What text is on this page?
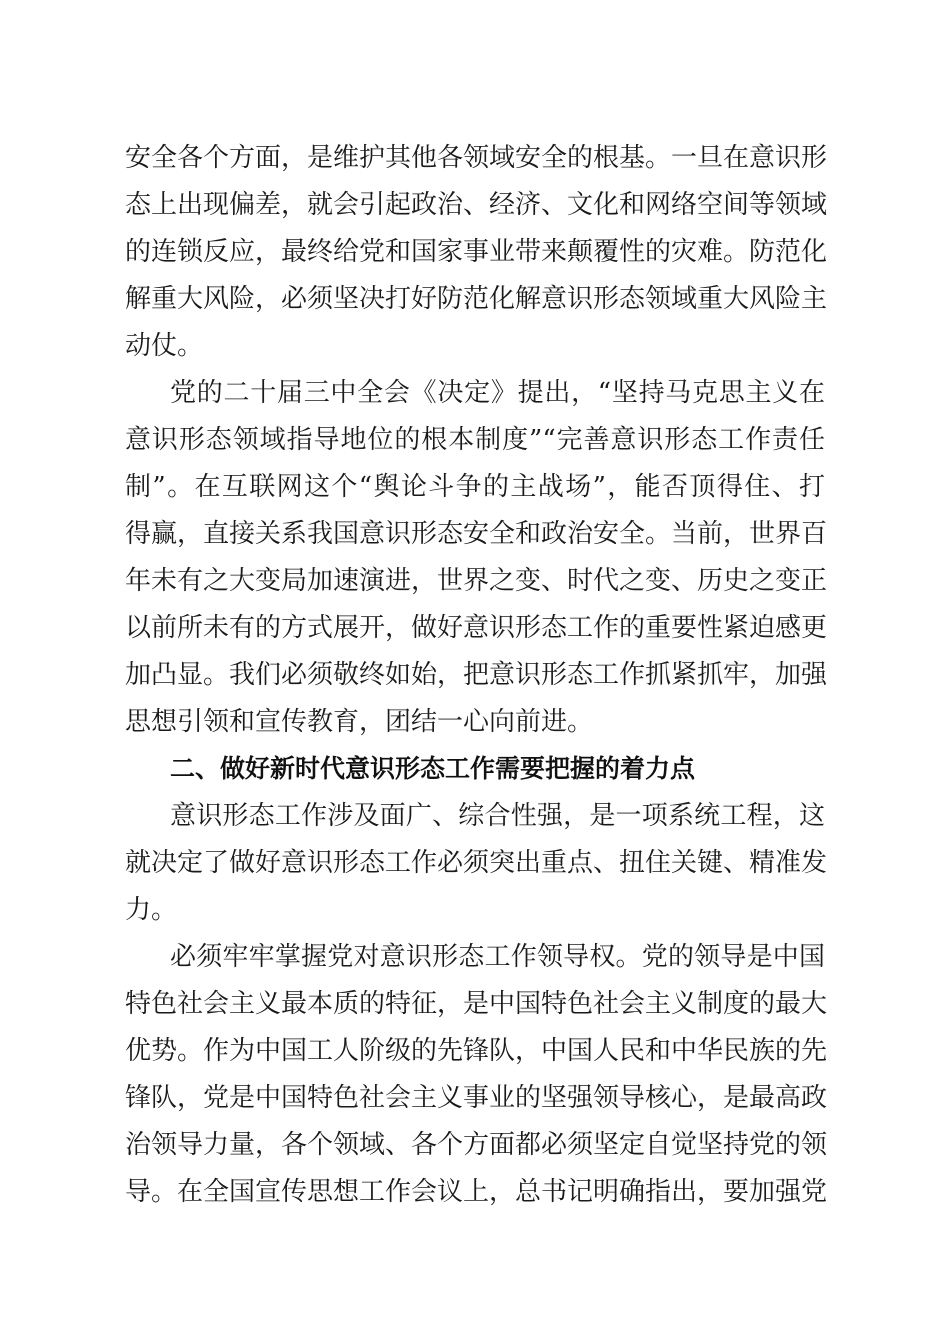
安全各个方面，是维护其他各领域安全的根基。一旦在意识形
态上出现偏差，就会引起政治、经济、文化和网络空间等领域
的连锁反应，最终给党和国家事业带来颠覆性的灾难。防范化
解重大风险，必须坚决打好防范化解意识形态领域重大风险主
动仗。
党的二十届三中全会《决定》提出，“坚持马克思主义在
意识形态领域指导地位的根本制度”“完善意识形态工作责任
制”。在互联网这个“舆论斗争的主战场”，能否顶得住、打
得赢，直接关系我国意识形态安全和政治安全。当前，世界百
年未有之大变局加速演进，世界之变、时代之变、历史之变正
以前所未有的方式展开，做好意识形态工作的重要性紧迫感更
加凸显。我们必须敬终如始，把意识形态工作抓紧抓牢，加强
思想引领和宣传教育，团结一心向前进。
二、做好新时代意识形态工作需要把握的着力点
意识形态工作涉及面广、综合性强，是一项系统工程，这
就决定了做好意识形态工作必须突出重点、扭住关键、精准发
力。
必须牢牢掌握党对意识形态工作领导权。党的领导是中国
特色社会主义最本质的特征，是中国特色社会主义制度的最大
优势。作为中国工人阶级的先锋队，中国人民和中华民族的先
锋队，党是中国特色社会主义事业的坚强领导核心，是最高政
治领导力量，各个领域、各个方面都必须坚定自觉坚持党的领
导。在全国宣传思想工作会议上，总书记明确指出，要加强党
